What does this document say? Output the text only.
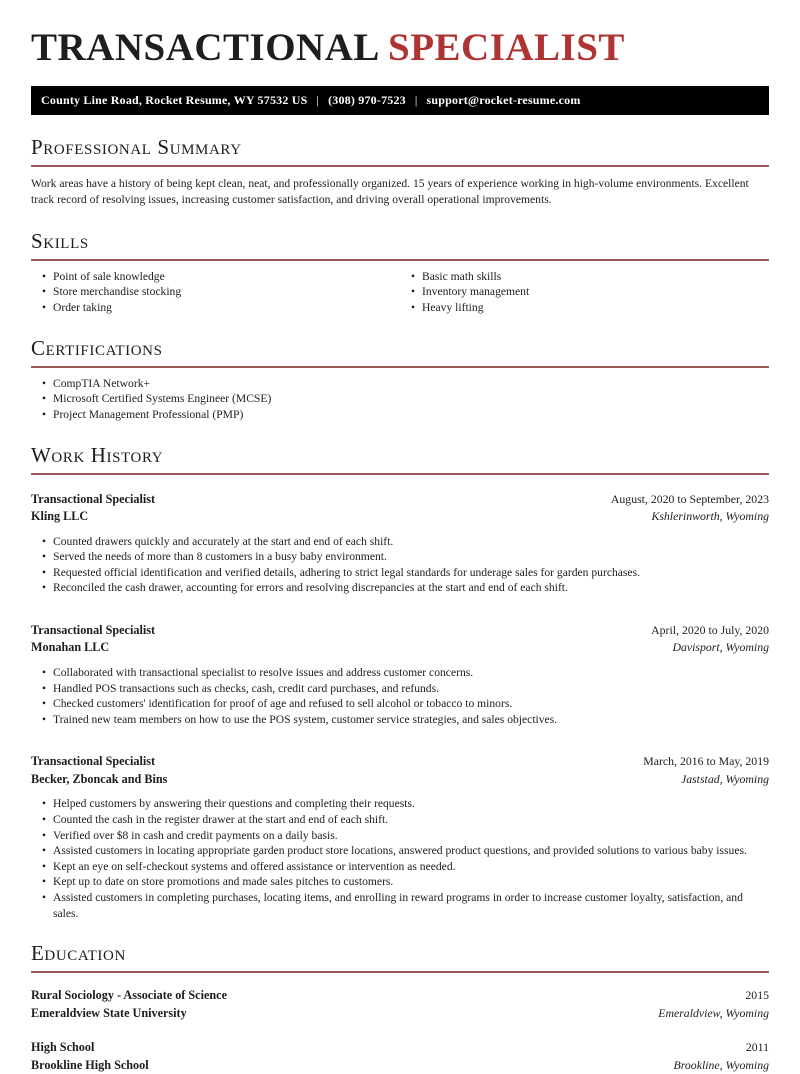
TRANSACTIONAL SPECIALIST
County Line Road, Rocket Resume, WY 57532 US | (308) 970-7523 | support@rocket-resume.com
Professional Summary

Work areas have a history of being kept clean, neat, and professionally organized. 15 years of experience working in high-volume environments. Excellent track record of resolving issues, increasing customer satisfaction, and driving overall operational improvements.

Skills
• Point of sale knowledge
• Store merchandise stocking
• Order taking
• Basic math skills
• Inventory management
• Heavy lifting
Certifications
• CompTIA Network+
• Microsoft Certified Systems Engineer (MCSE)
• Project Management Professional (PMP)
Work History
Transactional Specialist	August, 2020 to September, 2023
Kling LLC	Kshlerinworth, Wyoming
• Counted drawers quickly and accurately at the start and end of each shift.
• Served the needs of more than 8 customers in a busy baby environment.
• Requested official identification and verified details, adhering to strict legal standards for underage sales for garden purchases.
• Reconciled the cash drawer, accounting for errors and resolving discrepancies at the start and end of each shift.
Transactional Specialist	April, 2020 to July, 2020
Monahan LLC	Davisport, Wyoming
• Collaborated with transactional specialist to resolve issues and address customer concerns.
• Handled POS transactions such as checks, cash, credit card purchases, and refunds.
• Checked customers' identification for proof of age and refused to sell alcohol or tobacco to minors.
• Trained new team members on how to use the POS system, customer service strategies, and sales objectives.
Transactional Specialist	March, 2016 to May, 2019
Becker, Zboncak and Bins	Jaststad, Wyoming
• Helped customers by answering their questions and completing their requests.
• Counted the cash in the register drawer at the start and end of each shift.
• Verified over $8 in cash and credit payments on a daily basis.
• Assisted customers in locating appropriate garden product store locations, answered product questions, and provided solutions to various baby issues.
• Kept an eye on self-checkout systems and offered assistance or intervention as needed.
• Kept up to date on store promotions and made sales pitches to customers.
• Assisted customers in completing purchases, locating items, and enrolling in reward programs in order to increase customer loyalty, satisfaction, and sales.
Education
Rural Sociology - Associate of Science	2015
Emeraldview State University	Emeraldview, Wyoming
High School	2011
Brookline High School	Brookline, Wyoming
